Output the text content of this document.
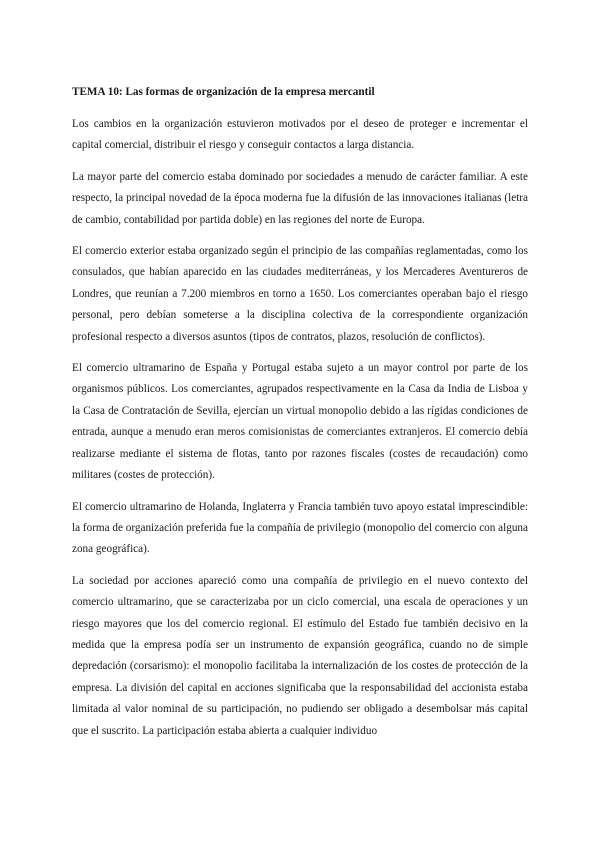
TEMA 10: Las formas de organización de la empresa mercantil

Los cambios en la organización estuvieron motivados por el deseo de proteger e incrementar el capital comercial, distribuir el riesgo y conseguir contactos a larga distancia.

La mayor parte del comercio estaba dominado por sociedades a menudo de carácter familiar. A este respecto, la principal novedad de la época moderna fue la difusión de las innovaciones italianas (letra de cambio, contabilidad por partida doble) en las regiones del norte de Europa.

El comercio exterior estaba organizado según el principio de las compañías reglamentadas, como los consulados, que habían aparecido en las ciudades mediterráneas, y los Mercaderes Aventureros de Londres, que reunían a 7.200 miembros en torno a 1650. Los comerciantes operaban bajo el riesgo personal, pero debían someterse a la disciplina colectiva de la correspondiente organización profesional respecto a diversos asuntos (tipos de contratos, plazos, resolución de conflictos).

El comercio ultramarino de España y Portugal estaba sujeto a un mayor control por parte de los organismos públicos. Los comerciantes, agrupados respectivamente en la Casa da India de Lisboa y la Casa de Contratación de Sevilla, ejercían un virtual monopolio debido a las rígidas condiciones de entrada, aunque a menudo eran meros comisionistas de comerciantes extranjeros. El comercio debía realizarse mediante el sistema de flotas, tanto por razones fiscales (costes de recaudación) como militares (costes de protección).

El comercio ultramarino de Holanda, Inglaterra y Francia también tuvo apoyo estatal imprescindible: la forma de organización preferida fue la compañía de privilegio (monopolio del comercio con alguna zona geográfica).

La sociedad por acciones apareció como una compañía de privilegio en el nuevo contexto del comercio ultramarino, que se caracterizaba por un ciclo comercial, una escala de operaciones y un riesgo mayores que los del comercio regional. El estímulo del Estado fue también decisivo en la medida que la empresa podía ser un instrumento de expansión geográfica, cuando no de simple depredación (corsarismo): el monopolio facilitaba la internalización de los costes de protección de la empresa. La división del capital en acciones significaba que la responsabilidad del accionista estaba limitada al valor nominal de su participación, no pudiendo ser obligado a desembolsar más capital que el suscrito. La participación estaba abierta a cualquier individuo
